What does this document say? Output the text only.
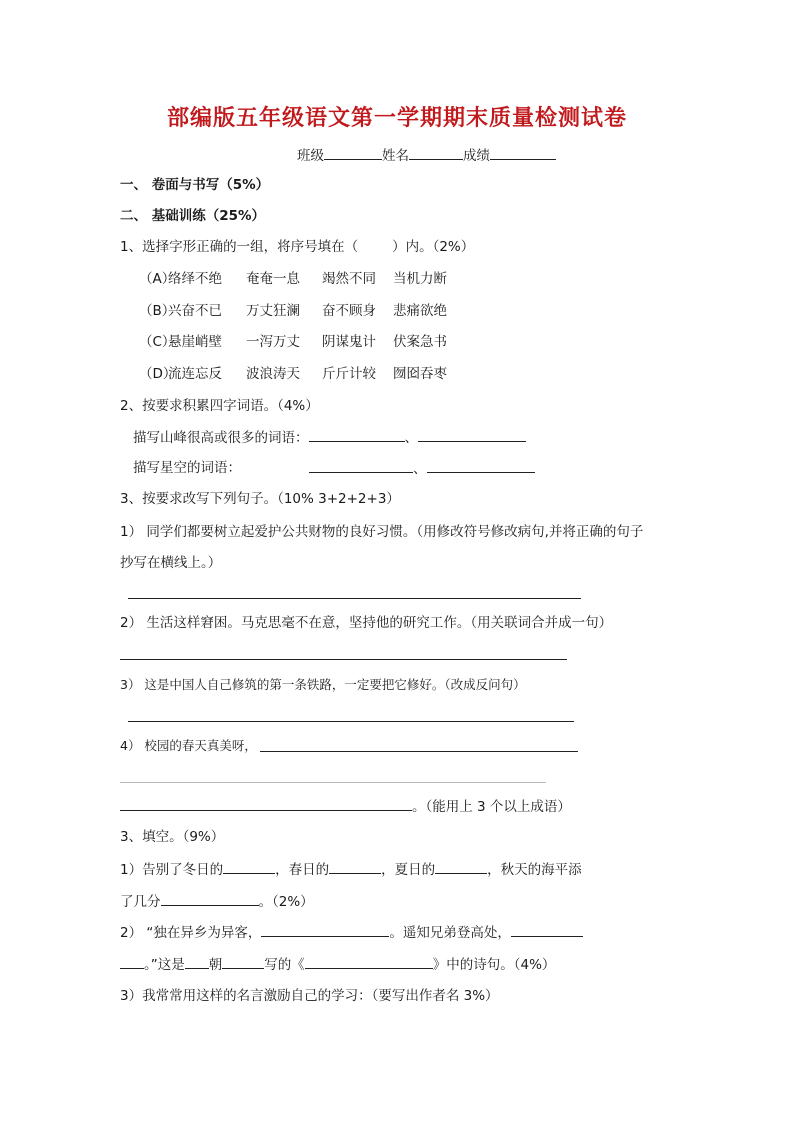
部编版五年级语文第一学期期末质量检测试卷
班级	姓名	成绩
一、 卷面与书写（5%）
二、 基础训练（25%）
1、选择字形正确的一组，将序号填在（	）内。（2%）
（A）
络绎不绝 奄奄一息 竭然不同 当机力断
（B）
兴奋不已 万丈狂澜 奋不顾身 悲痛欲绝
（C）
悬崖峭壁 一泻万丈 阴谋鬼计 伏案急书
（D）
流连忘反 波浪涛天 斤斤计较 囫囵吞枣
2、按要求积累四字词语。（4%）
描写山峰很高或很多的词语：	、
描写星空的词语：	、
3、按要求改写下列句子。（10% 3+2+2+3）
1） 同学们都要树立起爱护公共财物的良好习惯。（用修改符号修改病句,并将正确的句子
抄写在横线上。）
2） 生活这样窘困。马克思毫不在意，坚持他的研究工作。（用关联词合并成一句）
3） 这是中国人自己修筑的第一条铁路，一定要把它修好。（改成反问句）
4） 校园的春天真美呀，
。（能用上 3 个以上成语）
3、填空。（9%）
1）告别了冬日的	，春日的	，夏日的	，秋天的海平添
了几分	。（2%）
2） “独在异乡为异客，	。遥知兄弟登高处，
。”这是 朝	写的《	》中的诗句。（4%）
3）我常常用这样的名言激励自己的学习：（要写出作者名 3%）
